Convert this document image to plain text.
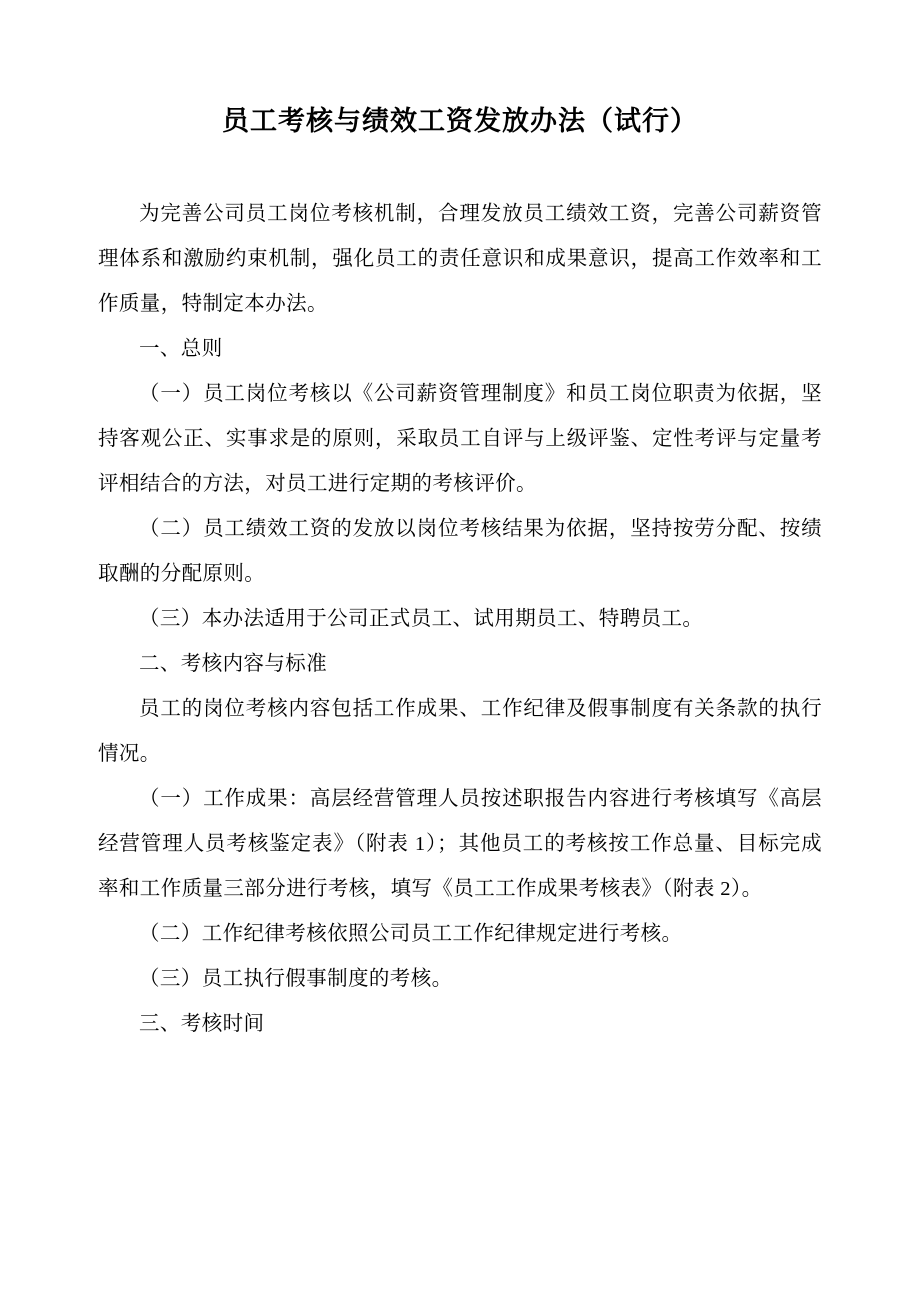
员工考核与绩效工资发放办法（试行）

为完善公司员工岗位考核机制，合理发放员工绩效工资，完善公司薪资管理体系和激励约束机制，强化员工的责任意识和成果意识，提高工作效率和工作质量，特制定本办法。

一、总则

（一）员工岗位考核以《公司薪资管理制度》和员工岗位职责为依据，坚持客观公正、实事求是的原则，采取员工自评与上级评鉴、定性考评与定量考评相结合的方法，对员工进行定期的考核评价。

（二）员工绩效工资的发放以岗位考核结果为依据，坚持按劳分配、按绩取酬的分配原则。

（三）本办法适用于公司正式员工、试用期员工、特聘员工。

二、考核内容与标准

员工的岗位考核内容包括工作成果、工作纪律及假事制度有关条款的执行情况。

（一）工作成果：高层经营管理人员按述职报告内容进行考核填写《高层经营管理人员考核鉴定表》（附表 1）；其他员工的考核按工作总量、目标完成率和工作质量三部分进行考核，填写《员工工作成果考核表》（附表 2）。

（二）工作纪律考核依照公司员工工作纪律规定进行考核。

（三）员工执行假事制度的考核。

三、考核时间
